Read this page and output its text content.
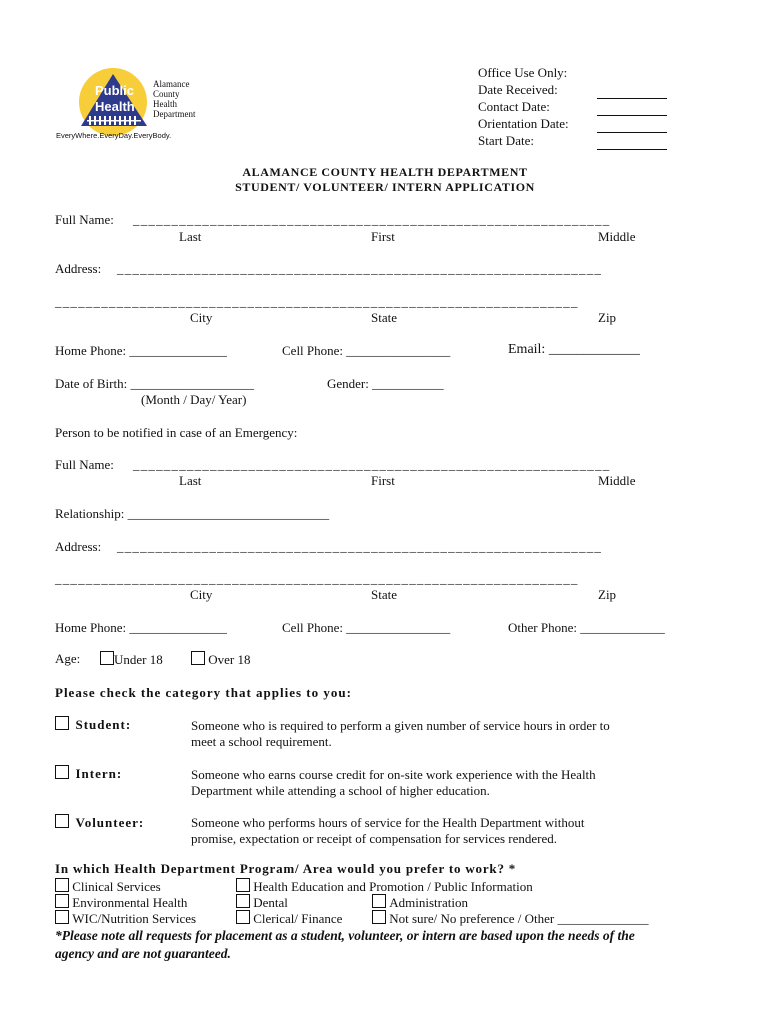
Public
Health
Alamance
County
Health
Department
EveryWhere.EveryDay.EveryBody.
Office Use Only:
Date Received:
Contact Date:
Orientation Date:
Start Date:

ALAMANCE COUNTY HEALTH DEPARTMENT
STUDENT/ VOLUNTEER/ INTERN APPLICATION
Full Name: ______________________________________________________________
Last	First	Middle
Address: _______________________________________________________________
____________________________________________________________________
City	State	Zip
Home Phone: _______________	Cell Phone: ________________	Email: _____________
Date of Birth: ___________________
(Month / Day/ Year)
Gender: ___________
Person to be notified in case of an Emergency:
Full Name: ______________________________________________________________
Last	First	Middle
Relationship: _______________________________
Address: _______________________________________________________________
____________________________________________________________________
City	State	Zip
Home Phone: _______________	Cell Phone: ________________	Other Phone: _____________
Age:	Under 18	Over 18
Please check the category that applies to you:
Student:	Someone who is required to perform a given number of service hours in order to
meet a school requirement.
Intern:	Someone who earns course credit for on-site work experience with the Health
Department while attending a school of higher education.
Volunteer:	Someone who performs hours of service for the Health Department without
promise, expectation or receipt of compensation for services rendered.
In which Health Department Program/ Area would you prefer to work? *
Clinical Services
Environmental Health
WIC/Nutrition Services
Health Education and Promotion / Public Information
Dental
Clerical/ Finance
Administration
Not sure/ No preference / Other ______________
*Please note all requests for placement as a student, volunteer, or intern are based upon the needs of the
agency and are not guaranteed.
